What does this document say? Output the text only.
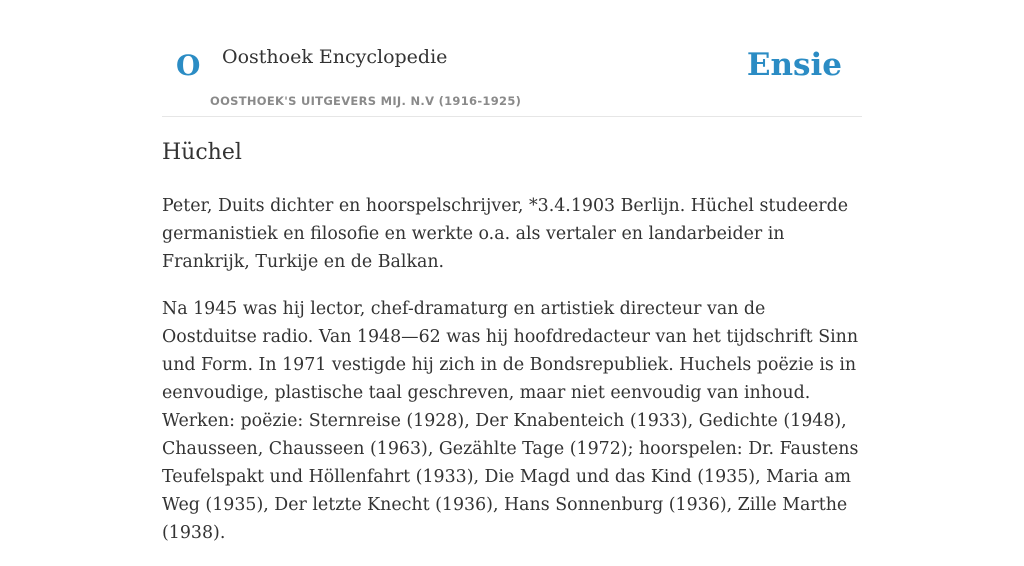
O Oosthoek Encyclopedie
OOSTHOEK'S UITGEVERS MIJ. N.V (1916-1925)
Ensie
Hüchel

Peter, Duits dichter en hoorspelschrijver, *3.4.1903 Berlijn. Hüchel studeerde germanistiek en filosofie en werkte o.a. als vertaler en landarbeider in Frankrijk, Turkije en de Balkan.

Na 1945 was hij lector, chef-dramaturg en artistiek directeur van de Oostduitse radio. Van 1948—62 was hij hoofdredacteur van het tijdschrift Sinn und Form. In 1971 vestigde hij zich in de Bondsrepubliek. Huchels poëzie is in eenvoudige, plastische taal geschreven, maar niet eenvoudig van inhoud. Werken: poëzie: Sternreise (1928), Der Knabenteich (1933), Gedichte (1948), Chausseen, Chausseen (1963), Gezählte Tage (1972); hoorspelen: Dr. Faustens Teufelspakt und Höllenfahrt (1933), Die Magd und das Kind (1935), Maria am Weg (1935), Der letzte Knecht (1936), Hans Sonnenburg (1936), Zille Marthe (1938).
